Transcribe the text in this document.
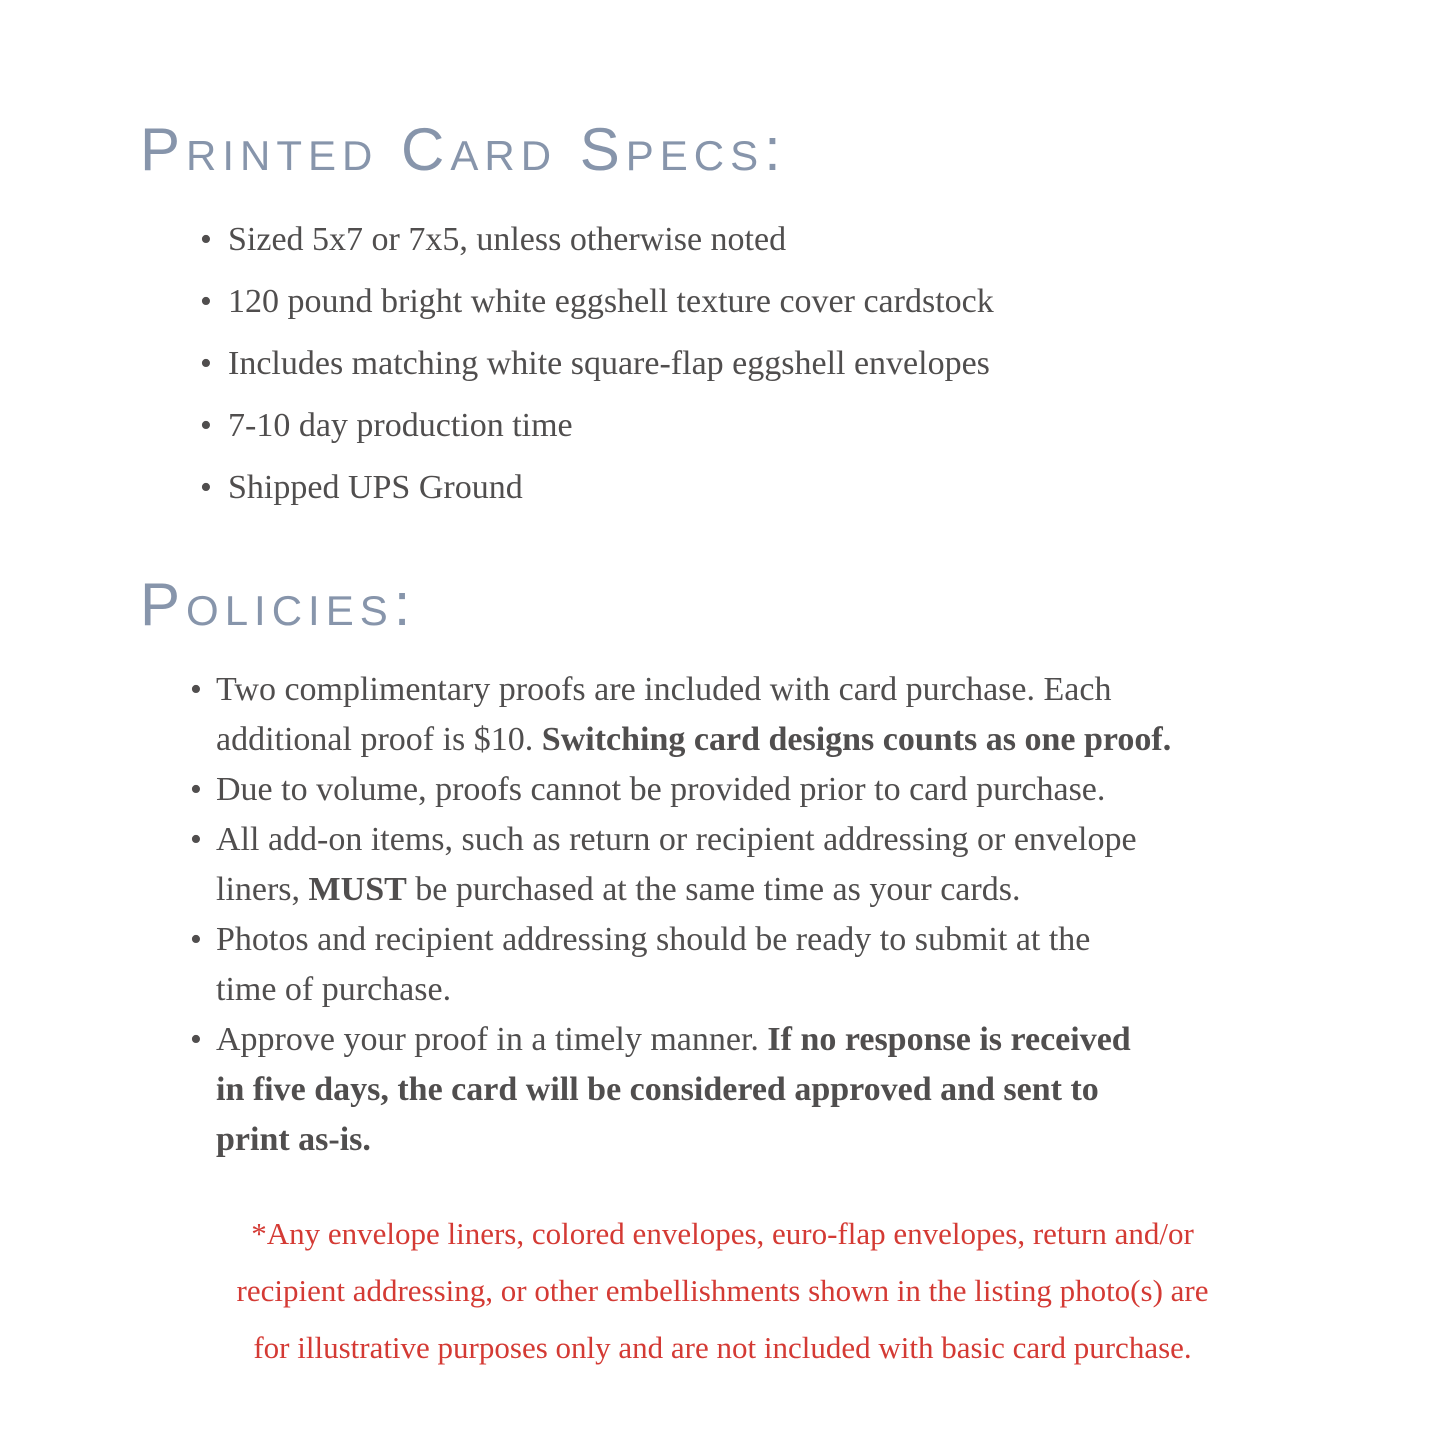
Printed Card Specs:
• Sized 5x7 or 7x5, unless otherwise noted
• 120 pound bright white eggshell texture cover cardstock
• Includes matching white square-flap eggshell envelopes
• 7-10 day production time
• Shipped UPS Ground
Policies:
• Two complimentary proofs are included with card purchase. Each
additional proof is $10. Switching card designs counts as one proof.
• Due to volume, proofs cannot be provided prior to card purchase.
• All add-on items, such as return or recipient addressing or envelope
liners, MUST be purchased at the same time as your cards.
• Photos and recipient addressing should be ready to submit at the
time of purchase.
• Approve your proof in a timely manner. If no response is received
in five days, the card will be considered approved and sent to
print as-is.

*Any envelope liners, colored envelopes, euro-flap envelopes, return and/or
recipient addressing, or other embellishments shown in the listing photo(s) are
for illustrative purposes only and are not included with basic card purchase.
